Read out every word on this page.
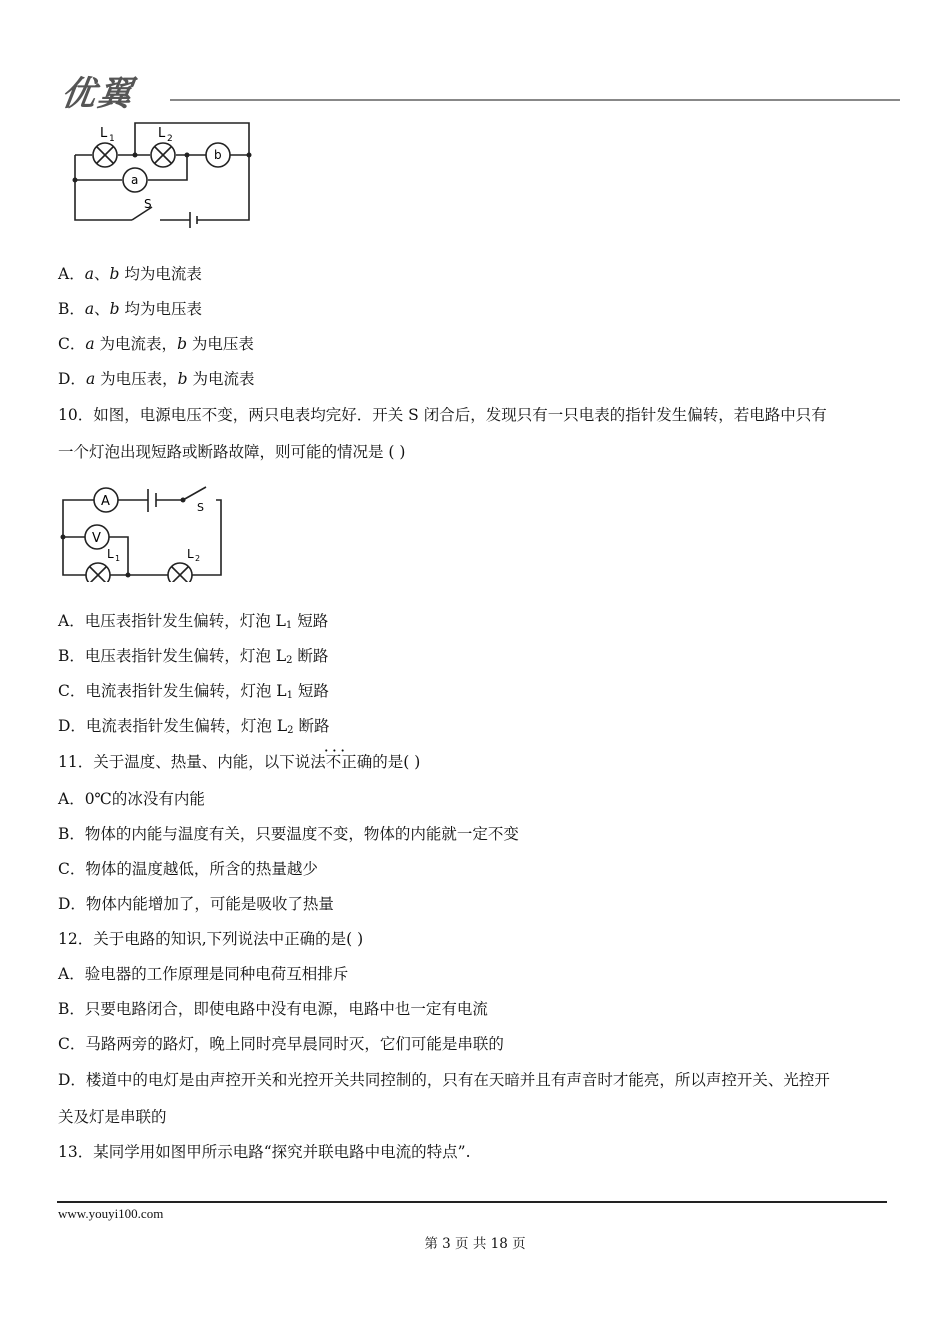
优翼
L 1	L 2
a
b
S
A．a、b 均为电流表
B．a、b 均为电压表
C．a 为电流表，b 为电压表
D．a 为电压表，b 为电流表
10．如图，电源电压不变，两只电表均完好．开关 S 闭合后，发现只有一只电表的指针发生偏转，若电路中只有
一个灯泡出现短路或断路故障，则可能的情况是 ( )
A
V
S
L 1	L 2
A．电压表指针发生偏转，灯泡 $L_1$ 短路
B．电压表指针发生偏转，灯泡 $L_2$ 断路
C．电流表指针发生偏转，灯泡 $L_1$ 短路
D．电流表指针发生偏转，灯泡 $L_2$ 断路
11．关于温度、热量、内能，以下说法· · · 不正确的是( )
A．0℃的冰没有内能
B．物体的内能与温度有关，只要温度不变，物体的内能就一定不变
C．物体的温度越低，所含的热量越少
D．物体内能增加了，可能是吸收了热量
12．关于电路的知识,下列说法中正确的是( )
A．验电器的工作原理是同种电荷互相排斥
B．只要电路闭合，即使电路中没有电源，电路中也一定有电流
C．马路两旁的路灯，晚上同时亮早晨同时灭，它们可能是串联的
D．楼道中的电灯是由声控开关和光控开关共同控制的，只有在天暗并且有声音时才能亮，所以声控开关、光控开
关及灯是串联的
13．某同学用如图甲所示电路“探究并联电路中电流的特点”.
www.youyi100.com
第 3 页 共 18 页
